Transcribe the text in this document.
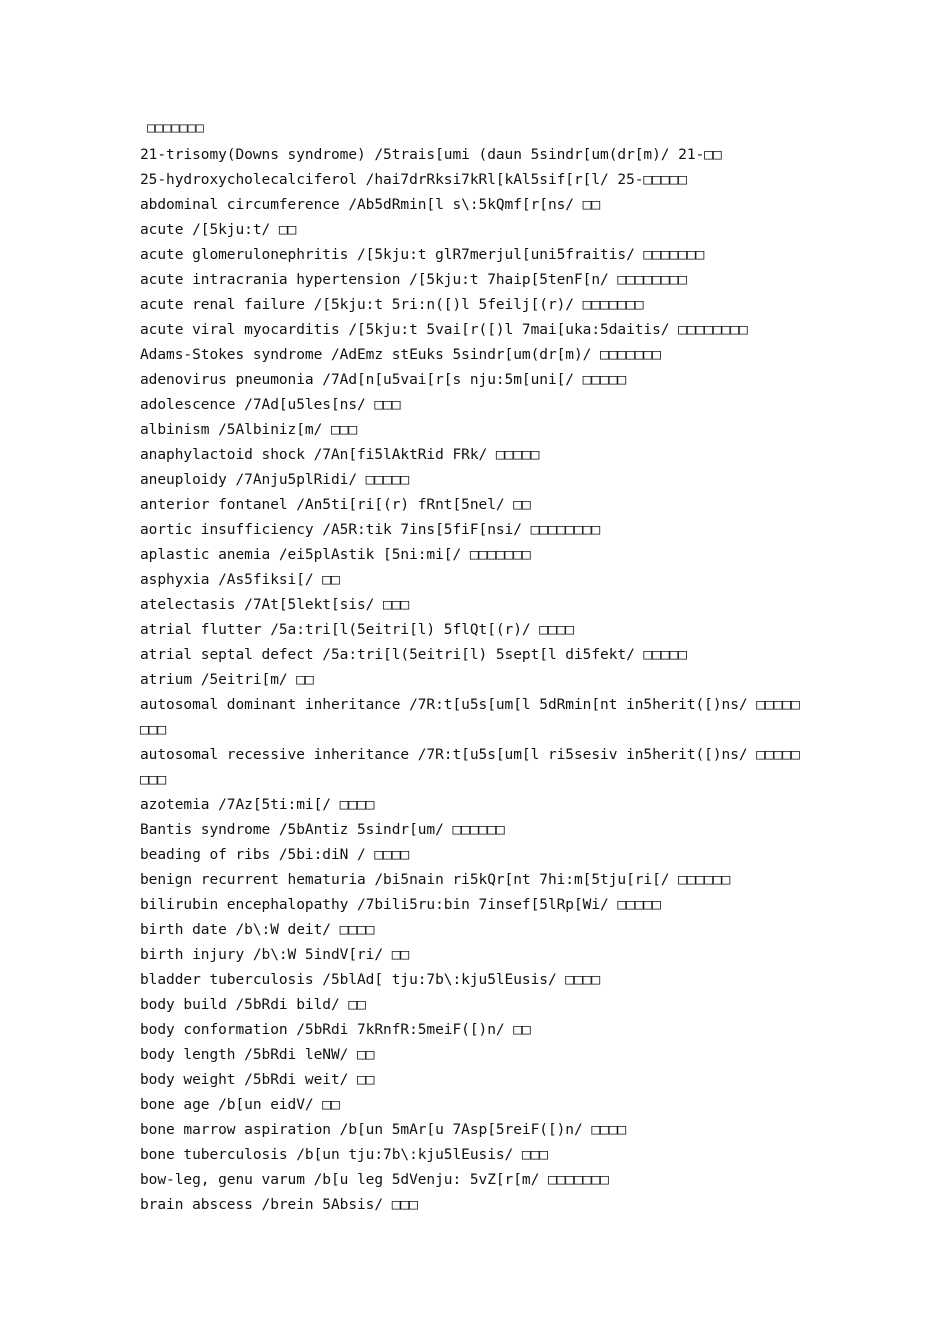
□□□□□□□
21-trisomy(Downs syndrome) /5trais[umi (daun 5sindr[um(dr[m)/ 21-□□
25-hydroxycholecalciferol /hai7drRksi7kRl[kAl5sif[r[l/ 25-□□□□□
abdominal circumference /Ab5dRmin[l s\:5kQmf[r[ns/ □□
acute /[5kju:t/ □□
acute glomerulonephritis /[5kju:t glR7merjul[uni5fraitis/ □□□□□□□
acute intracrania hypertension /[5kju:t 7haip[5tenF[n/ □□□□□□□□
acute renal failure /[5kju:t 5ri:n([)l 5feilj[(r)/ □□□□□□□
acute viral myocarditis /[5kju:t 5vai[r([)l 7mai[uka:5daitis/ □□□□□□□□
Adams-Stokes syndrome /AdEmz stEuks 5sindr[um(dr[m)/ □□□□□□□
adenovirus pneumonia /7Ad[n[u5vai[r[s nju:5m[uni[/ □□□□□
adolescence /7Ad[u5les[ns/ □□□
albinism /5Albiniz[m/ □□□
anaphylactoid shock /7An[fi5lAktRid FRk/ □□□□□
aneuploidy /7Anju5plRidi/ □□□□□
anterior fontanel /An5ti[ri[(r) fRnt[5nel/ □□
aortic insufficiency /A5R:tik 7ins[5fiF[nsi/ □□□□□□□□
aplastic anemia /ei5plAstik [5ni:mi[/ □□□□□□□
asphyxia /As5fiksi[/ □□
atelectasis /7At[5lekt[sis/ □□□
atrial flutter /5a:tri[l(5eitri[l) 5flQt[(r)/ □□□□
atrial septal defect /5a:tri[l(5eitri[l) 5sept[l di5fekt/ □□□□□
atrium /5eitri[m/ □□
autosomal dominant inheritance /7R:t[u5s[um[l 5dRmin[nt in5herit([)ns/ □□□□□
□□□
autosomal recessive inheritance /7R:t[u5s[um[l ri5sesiv in5herit([)ns/ □□□□□
□□□
azotemia /7Az[5ti:mi[/ □□□□
Bantis syndrome /5bAntiz 5sindr[um/ □□□□□□
beading of ribs /5bi:diN / □□□□
benign recurrent hematuria /bi5nain ri5kQr[nt 7hi:m[5tju[ri[/ □□□□□□
bilirubin encephalopathy /7bili5ru:bin 7insef[5lRp[Wi/ □□□□□
birth date /b\:W deit/ □□□□
birth injury /b\:W 5indV[ri/ □□
bladder tuberculosis /5blAd[ tju:7b\:kju5lEusis/ □□□□
body build /5bRdi bild/ □□
body conformation /5bRdi 7kRnfR:5meiF([)n/ □□
body length /5bRdi leNW/ □□
body weight /5bRdi weit/ □□
bone age /b[un eidV/ □□
bone marrow aspiration /b[un 5mAr[u 7Asp[5reiF([)n/ □□□□
bone tuberculosis /b[un tju:7b\:kju5lEusis/ □□□
bow-leg, genu varum /b[u leg 5dVenju: 5vZ[r[m/ □□□□□□□
brain abscess /brein 5Absis/ □□□
